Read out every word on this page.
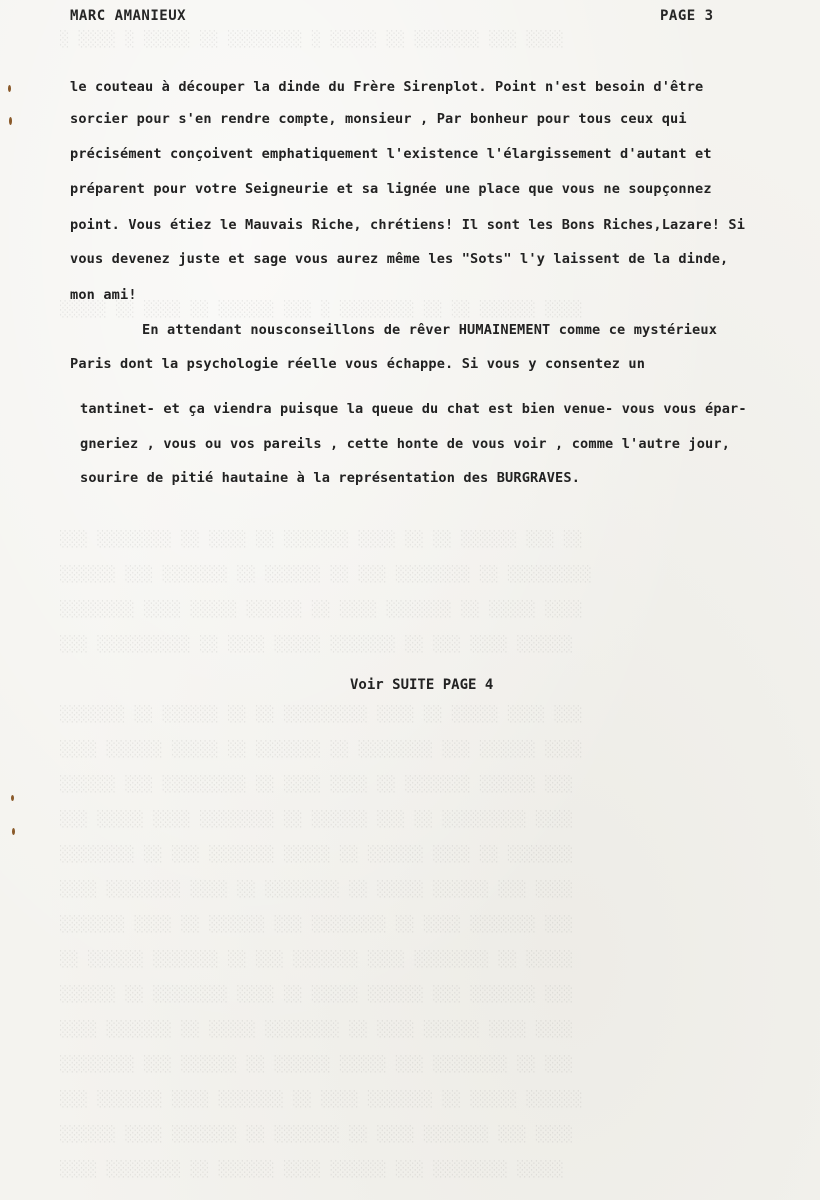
░ ░░░░ ░ ░░░░░ ░░ ░░░░░░░░ ░ ░░░░░ ░░ ░░░░░░░ ░░░ ░░░░
░░░░░ ░░ ░░░░ ░░ ░░░░░░ ░░░ ░ ░░░░░░░░ ░░ ░░ ░░░░░░ ░░░░
░░░ ░░░░░░░░ ░░ ░░░░ ░░ ░░░░░░░ ░░░░ ░░ ░░ ░░░░░░ ░░░ ░░
░░░░░░ ░░░ ░░░░░░░ ░░ ░░░░░░ ░░ ░░░ ░░░░░░░░ ░░ ░░░░░░░░░
░░░░░░░░ ░░░░ ░░░░░ ░░░░░░ ░░ ░░░░ ░░░░░░░ ░░ ░░░░░ ░░░░
░░░ ░░░░░░░░░░ ░░ ░░░░ ░░░░░ ░░░░░░░ ░░ ░░░ ░░░░ ░░░░░░
░░░░░░░ ░░ ░░░░░░ ░░ ░░ ░░░░░░░░░ ░░░░ ░░ ░░░░░ ░░░░ ░░░
░░░░ ░░░░░░ ░░░░░ ░░ ░░░░░░░ ░░ ░░░░░░░░ ░░░ ░░░░░░ ░░░░
░░░░░░ ░░░ ░░░░░░░░░ ░░ ░░░░ ░░░░ ░░ ░░░░░░░ ░░░░░░ ░░░
░░░ ░░░░░ ░░░░ ░░░░░░░░ ░░ ░░░░░░ ░░░ ░░ ░░░░░░░░░ ░░░░
░░░░░░░░ ░░ ░░░ ░░░░░░░ ░░░░░ ░░ ░░░░░░ ░░░░ ░░ ░░░░░░░
░░░░ ░░░░░░░░ ░░░░ ░░ ░░░░░░░░ ░░ ░░░░░ ░░░░░░ ░░░ ░░░░
░░░░░░░ ░░░░ ░░ ░░░░░░ ░░░ ░░░░░░░░ ░░ ░░░░ ░░░░░░░ ░░░
░░ ░░░░░░ ░░░░░░░ ░░ ░░░ ░░░░░░░ ░░░░ ░░░░░░░░ ░░ ░░░░░
░░░░░░ ░░ ░░░░░░░░ ░░░░ ░░ ░░░░░ ░░░░░░ ░░░ ░░░░░░░ ░░░
░░░░ ░░░░░░░ ░░ ░░░░░ ░░░░░░░░ ░░ ░░░░ ░░░░░░ ░░░░ ░░░░
░░░░░░░░ ░░░ ░░░░░░ ░░ ░░░░░░ ░░░░░ ░░░ ░░░░░░░░ ░░ ░░░
░░░ ░░░░░░░ ░░░░ ░░░░░░░ ░░ ░░░░ ░░░░░░░ ░░ ░░░░░ ░░░░░░
░░░░░░ ░░░░ ░░░░░░░ ░░ ░░░░░░░ ░░ ░░░░ ░░░░░░░ ░░░ ░░░░
░░░░ ░░░░░░░░ ░░ ░░░░░░ ░░░░ ░░░░░░ ░░░ ░░░░░░░░ ░░░░░
MARC AMANIEUX	PAGE 3
le couteau à découper la dinde du Frère Sirenplot. Point n'est besoin d'être
sorcier pour s'en rendre compte, monsieur , Par bonheur pour tous ceux qui
précisément conçoivent emphatiquement l'existence l'élargissement d'autant et
préparent pour votre Seigneurie et sa lignée une place que vous ne soupçonnez
point. Vous étiez le Mauvais Riche, chrétiens! Il sont les Bons Riches,Lazare! Si
vous devenez juste et sage vous aurez même les "Sots" l'y laissent de la dinde,
mon ami!
En attendant nousconseillons de rêver HUMAINEMENT comme ce mystérieux
Paris dont la psychologie réelle vous échappe. Si vous y consentez un
tantinet- et ça viendra puisque la queue du chat est bien venue- vous vous épar-
gneriez , vous ou vos pareils , cette honte de vous voir , comme l'autre jour,
sourire de pitié hautaine à la représentation des BURGRAVES.
Voir SUITE PAGE 4
